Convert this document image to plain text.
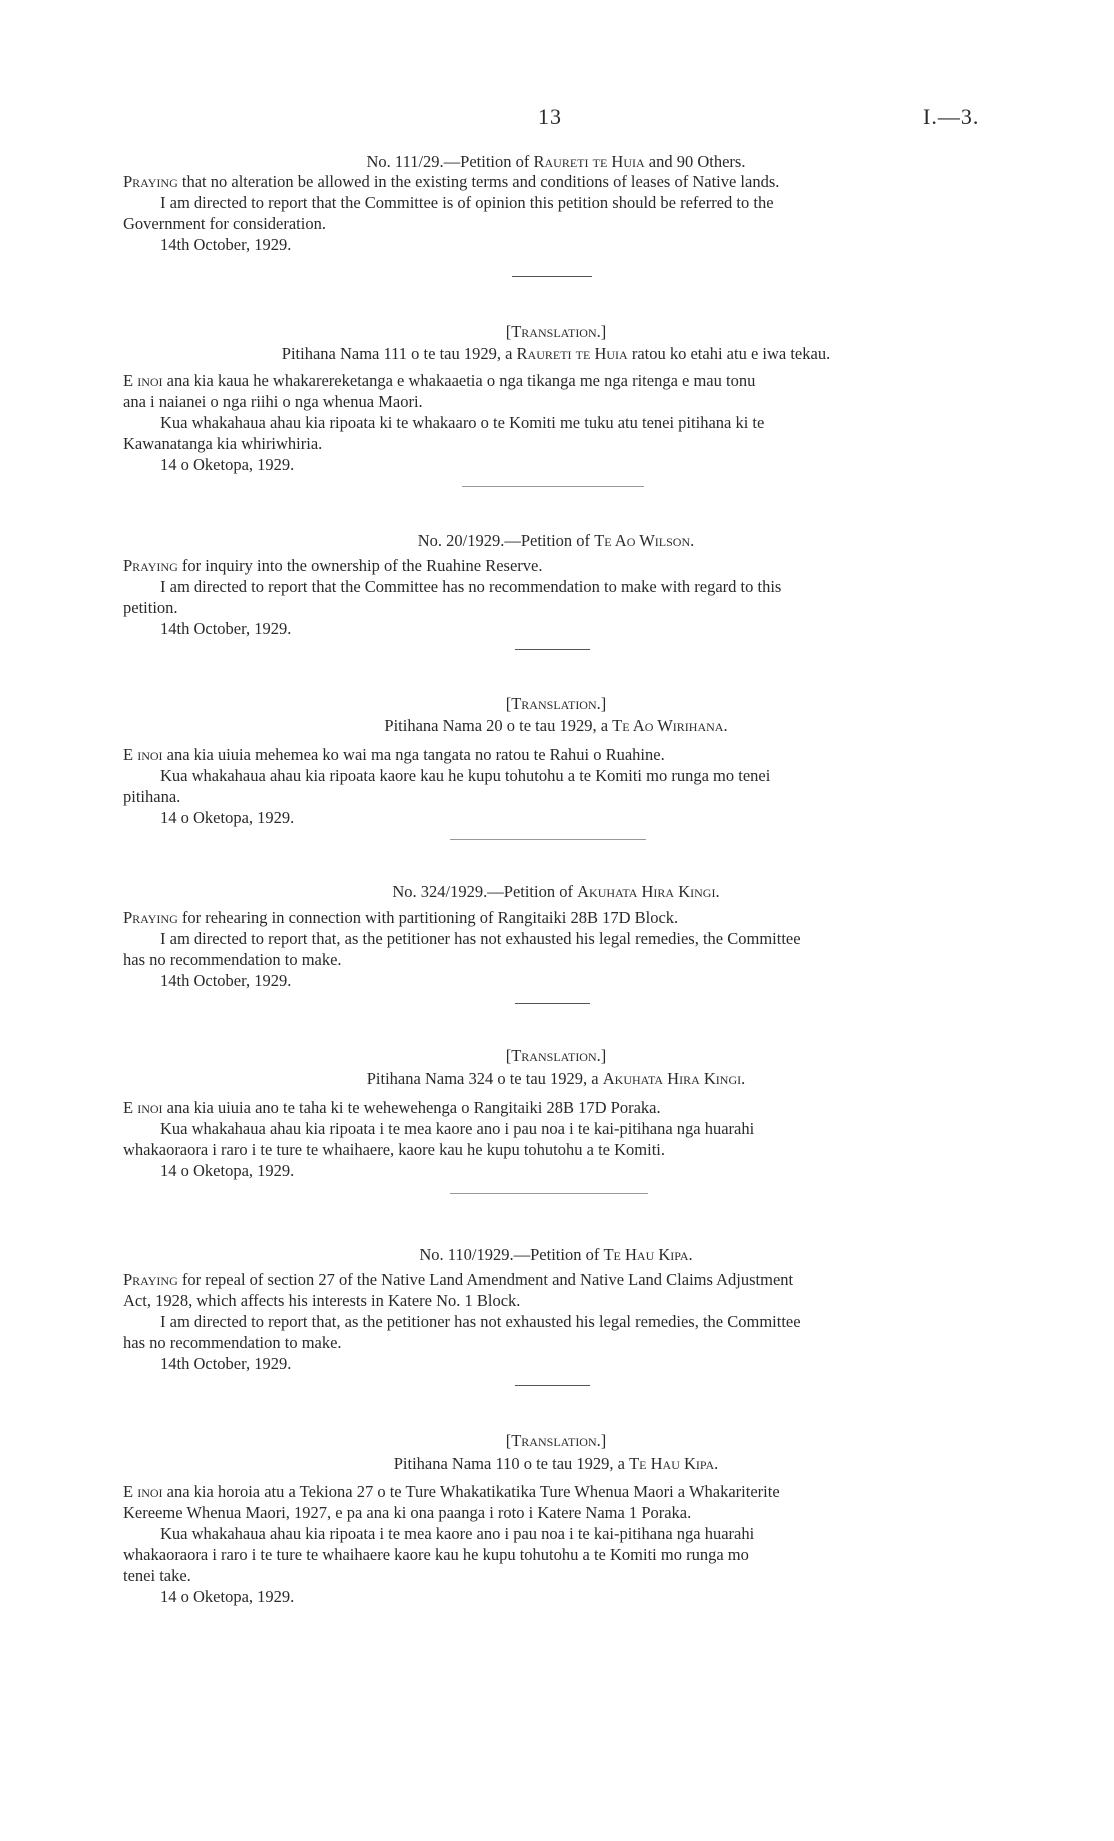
13	I.—3.
No. 111/29.—Petition of Raureti te Huia and 90 Others.
Praying that no alteration be allowed in the existing terms and conditions of leases of Native lands.
I am directed to report that the Committee is of opinion this petition should be referred to the
Government for consideration.
14th October, 1929.
[Translation.]
Pitihana Nama 111 o te tau 1929, a Raureti te Huia ratou ko etahi atu e iwa tekau.
E inoi ana kia kaua he whakarereketanga e whakaaetia o nga tikanga me nga ritenga e mau tonu
ana i naianei o nga riihi o nga whenua Maori.
Kua whakahaua ahau kia ripoata ki te whakaaro o te Komiti me tuku atu tenei pitihana ki te
Kawanatanga kia whiriwhiria.
14 o Oketopa, 1929.
No. 20/1929.—Petition of Te Ao Wilson.
Praying for inquiry into the ownership of the Ruahine Reserve.
I am directed to report that the Committee has no recommendation to make with regard to this
petition.
14th October, 1929.
[Translation.]
Pitihana Nama 20 o te tau 1929, a Te Ao Wirihana.
E inoi ana kia uiuia mehemea ko wai ma nga tangata no ratou te Rahui o Ruahine.
Kua whakahaua ahau kia ripoata kaore kau he kupu tohutohu a te Komiti mo runga mo tenei
pitihana.
14 o Oketopa, 1929.
No. 324/1929.—Petition of Akuhata Hira Kingi.
Praying for rehearing in connection with partitioning of Rangitaiki 28B 17D Block.
I am directed to report that, as the petitioner has not exhausted his legal remedies, the Committee
has no recommendation to make.
14th October, 1929.
[Translation.]
Pitihana Nama 324 o te tau 1929, a Akuhata Hira Kingi.
E inoi ana kia uiuia ano te taha ki te wehewehenga o Rangitaiki 28B 17D Poraka.
Kua whakahaua ahau kia ripoata i te mea kaore ano i pau noa i te kai-pitihana nga huarahi
whakaoraora i raro i te ture te whaihaere, kaore kau he kupu tohutohu a te Komiti.
14 o Oketopa, 1929.
No. 110/1929.—Petition of Te Hau Kipa.
Praying for repeal of section 27 of the Native Land Amendment and Native Land Claims Adjustment
Act, 1928, which affects his interests in Katere No. 1 Block.
I am directed to report that, as the petitioner has not exhausted his legal remedies, the Committee
has no recommendation to make.
14th October, 1929.
[Translation.]
Pitihana Nama 110 o te tau 1929, a Te Hau Kipa.
E inoi ana kia horoia atu a Tekiona 27 o te Ture Whakatikatika Ture Whenua Maori a Whakariterite
Kereeme Whenua Maori, 1927, e pa ana ki ona paanga i roto i Katere Nama 1 Poraka.
Kua whakahaua ahau kia ripoata i te mea kaore ano i pau noa i te kai-pitihana nga huarahi
whakaoraora i raro i te ture te whaihaere kaore kau he kupu tohutohu a te Komiti mo runga mo
tenei take.
14 o Oketopa, 1929.
